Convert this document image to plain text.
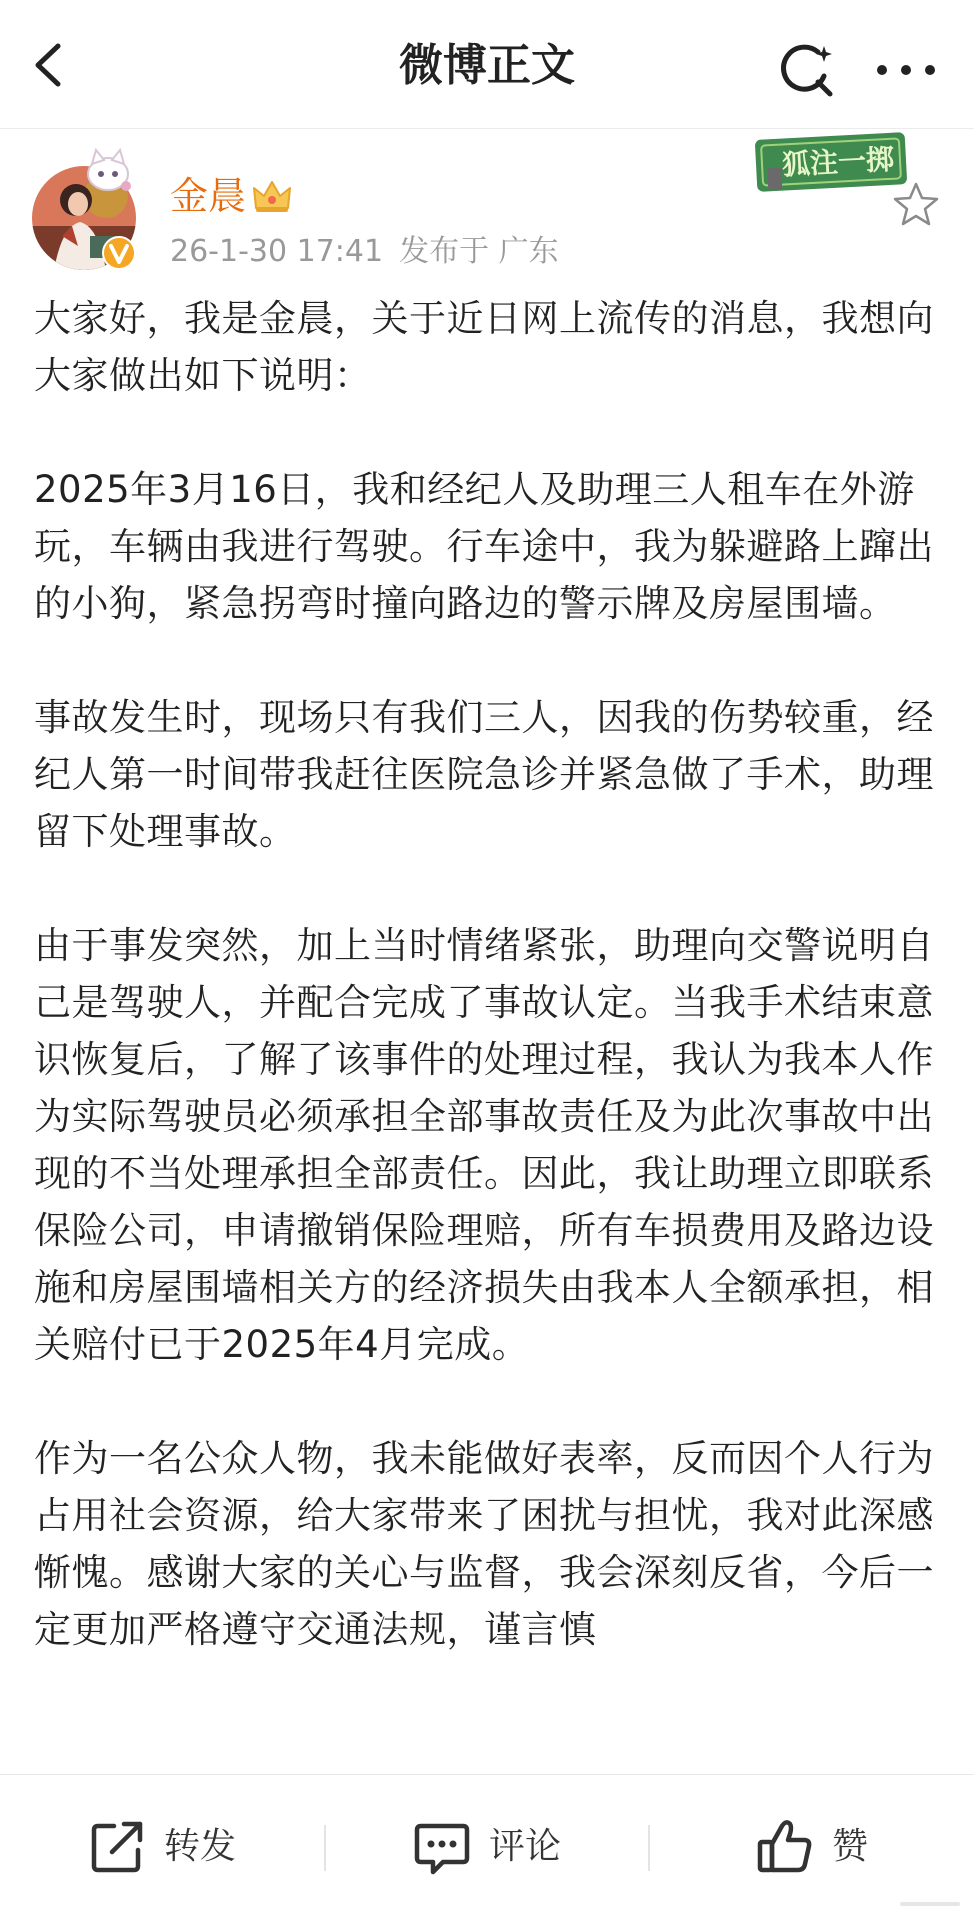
微博正文
金晨
26-1-30 17:41 发布于 广东
狐注一掷

大家好，我是金晨，关于近日网上流传的消息，我想向大家做出如下说明：

2025年3月16日，我和经纪人及助理三人租车在外游玩，车辆由我进行驾驶。行车途中，我为躲避路上蹿出的小狗，紧急拐弯时撞向路边的警示牌及房屋围墙。

事故发生时，现场只有我们三人，因我的伤势较重，经纪人第一时间带我赶往医院急诊并紧急做了手术，助理留下处理事故。

由于事发突然，加上当时情绪紧张，助理向交警说明自己是驾驶人，并配合完成了事故认定。当我手术结束意识恢复后，了解了该事件的处理过程，我认为我本人作为实际驾驶员必须承担全部事故责任及为此次事故中出现的不当处理承担全部责任。因此，我让助理立即联系保险公司，申请撤销保险理赔，所有车损费用及路边设施和房屋围墙相关方的经济损失由我本人全额承担，相关赔付已于2025年4月完成。

作为一名公众人物，我未能做好表率，反而因个人行为占用社会资源，给大家带来了困扰与担忧，我对此深感惭愧。感谢大家的关心与监督，我会深刻反省，今后一定更加严格遵守交通法规，谨言慎

转发	评论	赞
